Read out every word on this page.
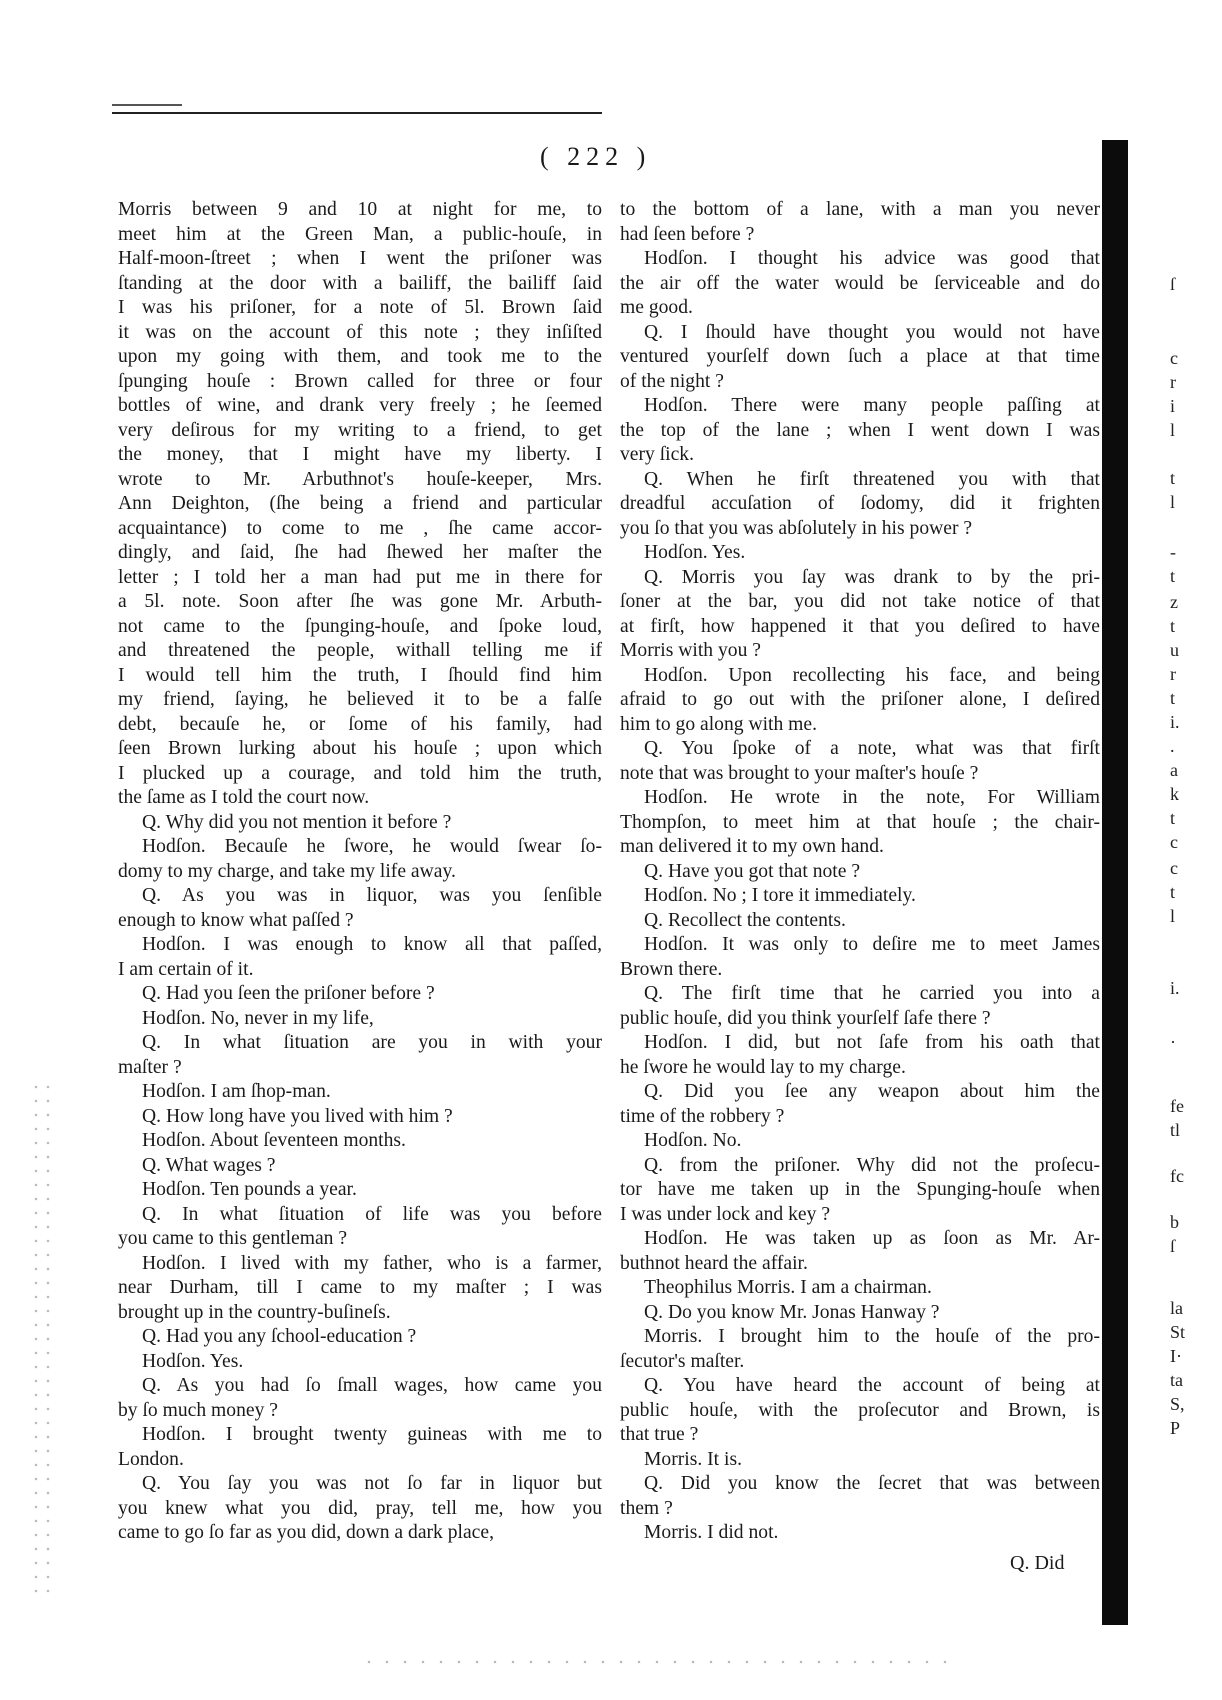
( 222 )
Morris between 9 and 10 at night for me, to
meet him at the Green Man, a public-houſe, in
Half-moon-ſtreet ; when I went the priſoner was
ſtanding at the door with a bailiff, the bailiff ſaid
I was his priſoner, for a note of 5l. Brown ſaid
it was on the account of this note ; they inſiſted
upon my going with them, and took me to the
ſpunging houſe : Brown called for three or four
bottles of wine, and drank very freely ; he ſeemed
very deſirous for my writing to a friend, to get
the money, that I might have my liberty. I
wrote to Mr. Arbuthnot's houſe-keeper, Mrs.
Ann Deighton, (ſhe being a friend and particular
acquaintance) to come to me , ſhe came accor-
dingly, and ſaid, ſhe had ſhewed her maſter the
letter ; I told her a man had put me in there for
a 5l. note. Soon after ſhe was gone Mr. Arbuth-
not came to the ſpunging-houſe, and ſpoke loud,
and threatened the people, withall telling me if
I would tell him the truth, I ſhould find him
my friend, ſaying, he believed it to be a falſe
debt, becauſe he, or ſome of his family, had
ſeen Brown lurking about his houſe ; upon which
I plucked up a courage, and told him the truth,
the ſame as I told the court now.
Q. Why did you not mention it before ?
Hodſon. Becauſe he ſwore, he would ſwear ſo-
domy to my charge, and take my life away.
Q. As you was in liquor, was you ſenſible
enough to know what paſſed ?
Hodſon. I was enough to know all that paſſed,
I am certain of it.
Q. Had you ſeen the priſoner before ?
Hodſon. No, never in my life,
Q. In what ſituation are you in with your
maſter ?
Hodſon. I am ſhop-man.
Q. How long have you lived with him ?
Hodſon. About ſeventeen months.
Q. What wages ?
Hodſon. Ten pounds a year.
Q. In what ſituation of life was you before
you came to this gentleman ?
Hodſon. I lived with my father, who is a farmer,
near Durham, till I came to my maſter ; I was
brought up in the country-buſineſs.
Q. Had you any ſchool-education ?
Hodſon. Yes.
Q. As you had ſo ſmall wages, how came you
by ſo much money ?
Hodſon. I brought twenty guineas with me to
London.
Q. You ſay you was not ſo far in liquor but
you knew what you did, pray, tell me, how you
came to go ſo far as you did, down a dark place,
to the bottom of a lane, with a man you never
had ſeen before ?
Hodſon. I thought his advice was good that
the air off the water would be ſerviceable and do
me good.
Q. I ſhould have thought you would not have
ventured yourſelf down ſuch a place at that time
of the night ?
Hodſon. There were many people paſſing at
the top of the lane ; when I went down I was
very ſick.
Q. When he firſt threatened you with that
dreadful accuſation of ſodomy, did it frighten
you ſo that you was abſolutely in his power ?
Hodſon. Yes.
Q. Morris you ſay was drank to by the pri-
ſoner at the bar, you did not take notice of that
at firſt, how happened it that you deſired to have
Morris with you ?
Hodſon. Upon recollecting his face, and being
afraid to go out with the priſoner alone, I deſired
him to go along with me.
Q. You ſpoke of a note, what was that firſt
note that was brought to your maſter's houſe ?
Hodſon. He wrote in the note, For William
Thompſon, to meet him at that houſe ; the chair-
man delivered it to my own hand.
Q. Have you got that note ?
Hodſon. No ; I tore it immediately.
Q. Recollect the contents.
Hodſon. It was only to deſire me to meet James
Brown there.
Q. The firſt time that he carried you into a
public houſe, did you think yourſelf ſafe there ?
Hodſon. I did, but not ſafe from his oath that
he ſwore he would lay to my charge.
Q. Did you ſee any weapon about him the
time of the robbery ?
Hodſon. No.
Q. from the priſoner. Why did not the proſecu-
tor have me taken up in the Spunging-houſe when
I was under lock and key ?
Hodſon. He was taken up as ſoon as Mr. Ar-
buthnot heard the affair.
Theophilus Morris. I am a chairman.
Q. Do you know Mr. Jonas Hanway ?
Morris. I brought him to the houſe of the pro-
ſecutor's maſter.
Q. You have heard the account of being at
public houſe, with the proſecutor and Brown, is
that true ?
Morris. It is.
Q. Did you know the ſecret that was between
them ?
Morris. I did not.
Q. Did
ſ
c
r
i
l
t
l
-
t
z
t
u
r
t
i.
.
a
k
t
c
c
t
l
i.
·
fe
tl
fc
b
ſ
la
St
I·
ta
S,
P
